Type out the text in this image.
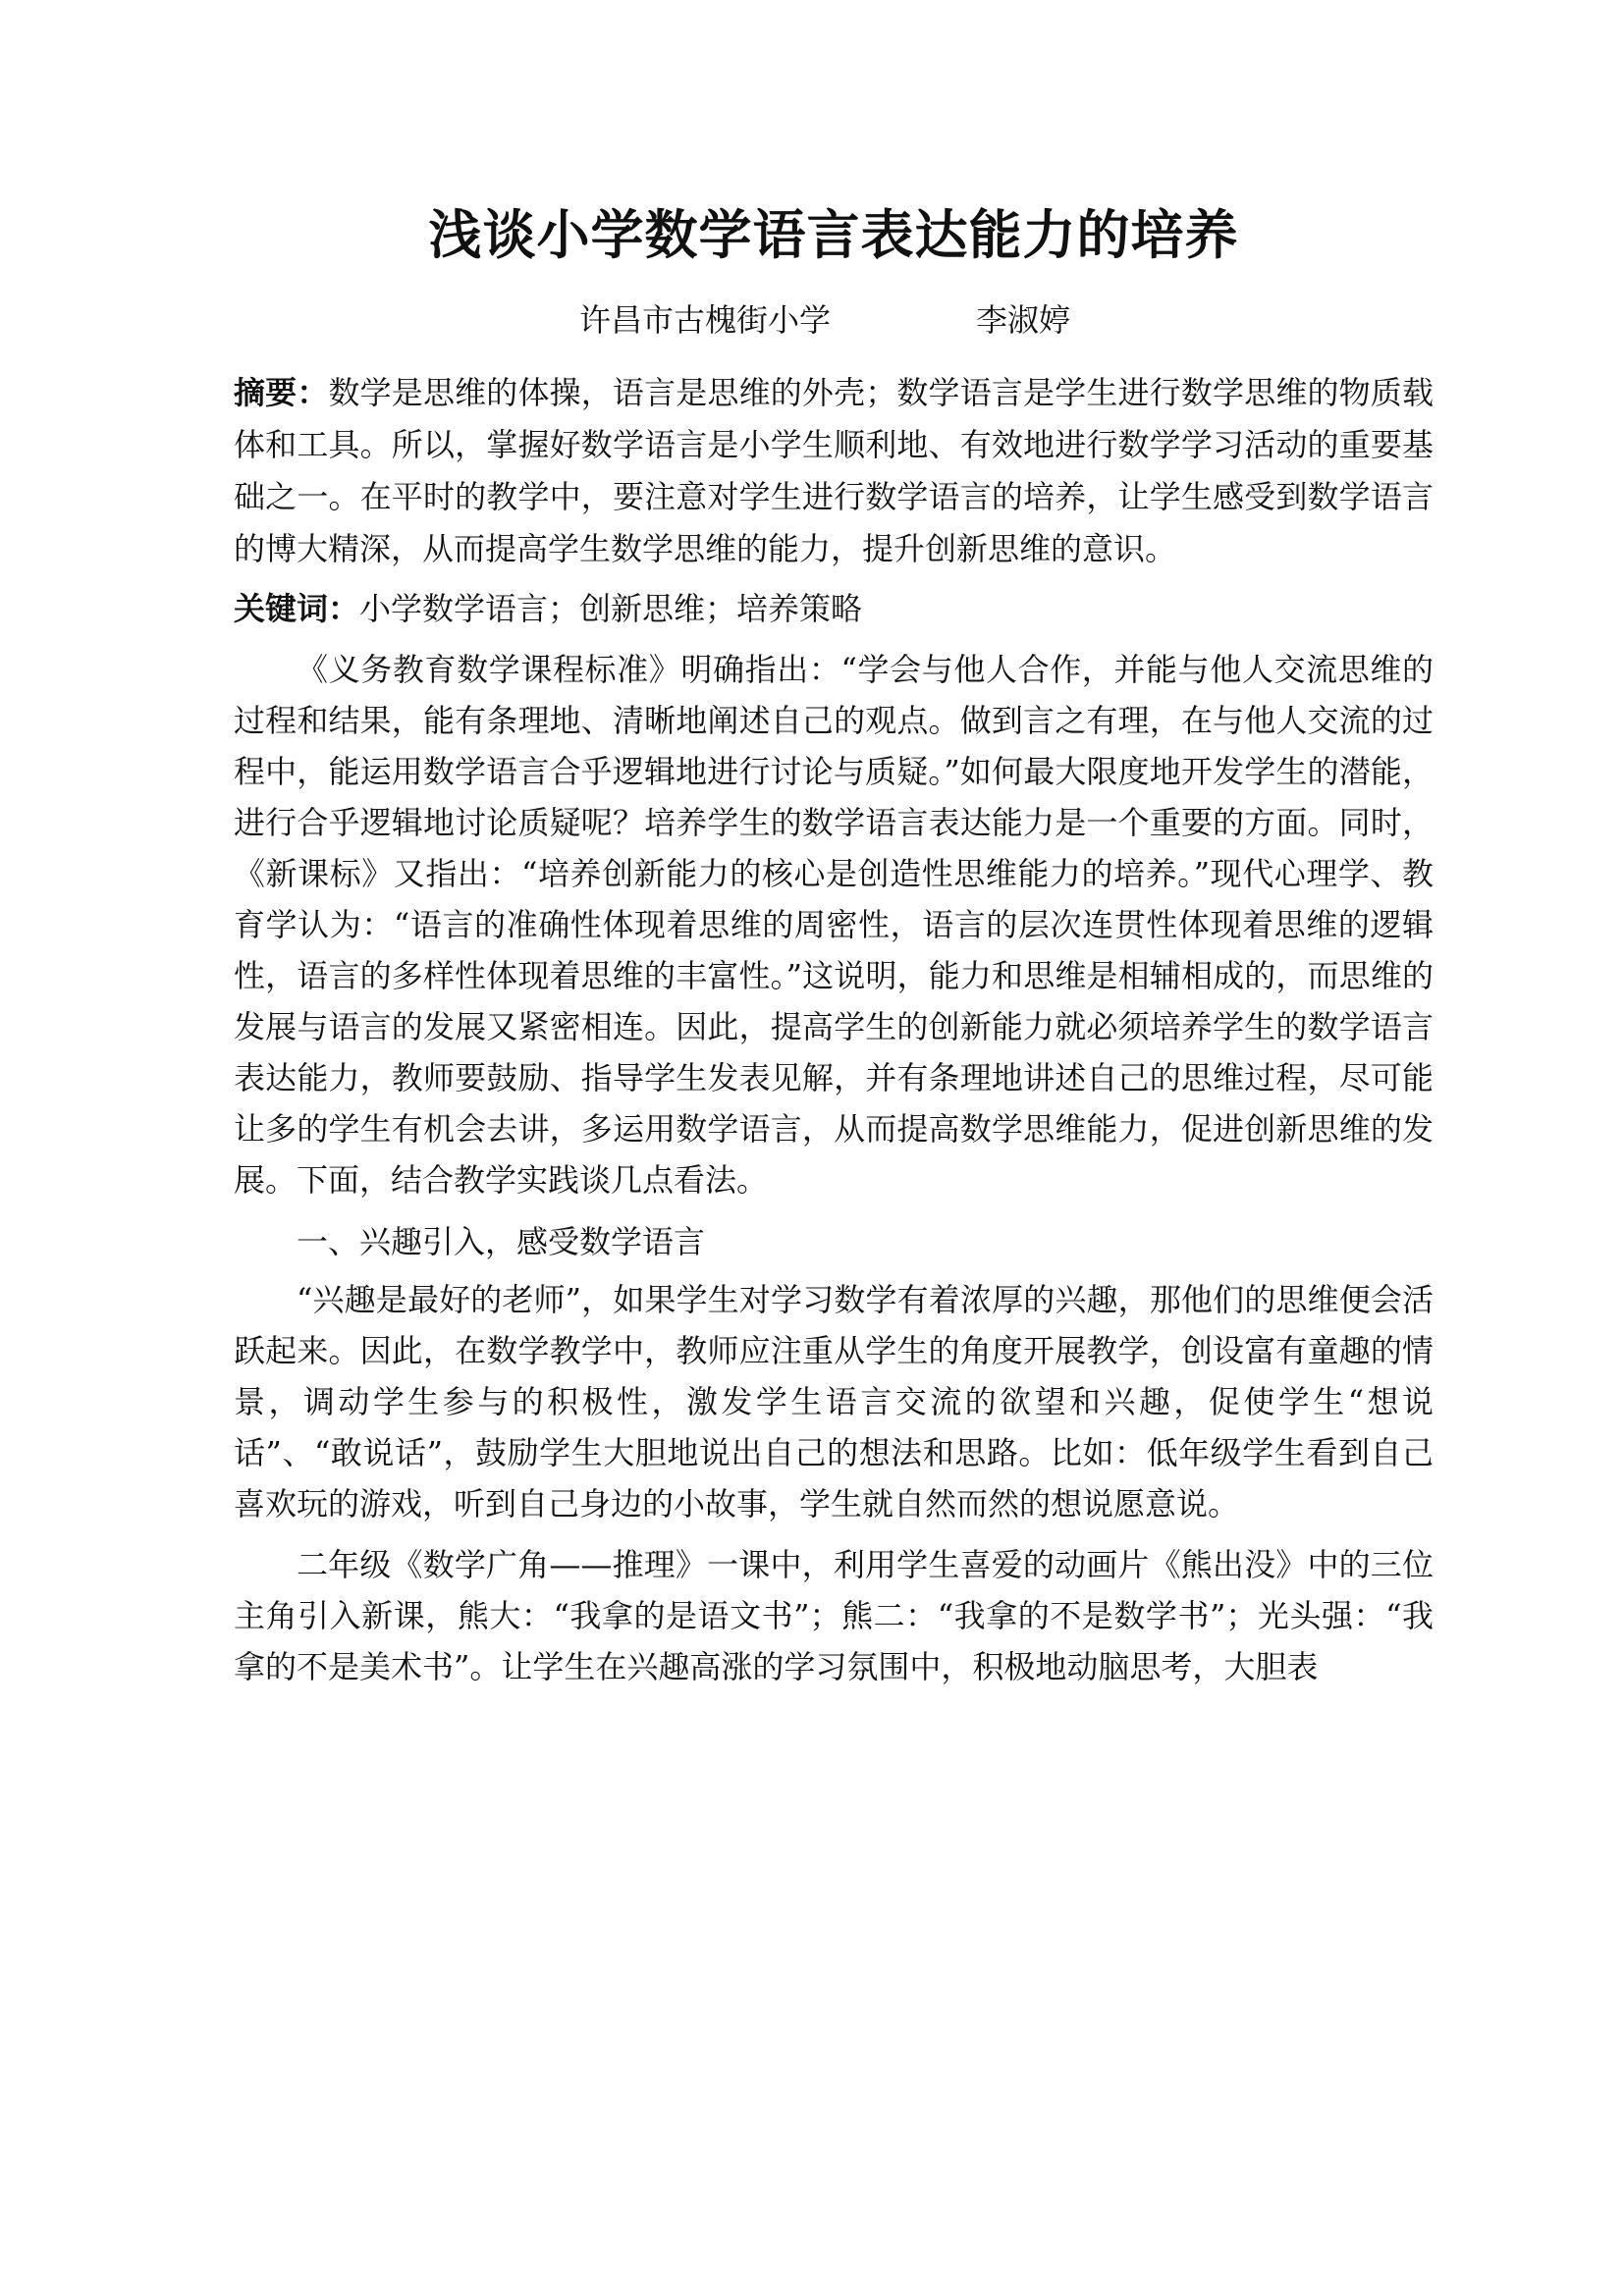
浅谈小学数学语言表达能力的培养
许昌市古槐街小学	李淑婷

摘要：数学是思维的体操，语言是思维的外壳；数学语言是学生进行数学思维的物质载体和工具。所以，掌握好数学语言是小学生顺利地、有效地进行数学学习活动的重要基础之一。在平时的教学中，要注意对学生进行数学语言的培养，让学生感受到数学语言的博大精深，从而提高学生数学思维的能力，提升创新思维的意识。

关键词：小学数学语言；创新思维；培养策略

《义务教育数学课程标准》明确指出：“学会与他人合作，并能与他人交流思维的过程和结果，能有条理地、清晰地阐述自己的观点。做到言之有理，在与他人交流的过程中，能运用数学语言合乎逻辑地进行讨论与质疑。”如何最大限度地开发学生的潜能，进行合乎逻辑地讨论质疑呢？培养学生的数学语言表达能力是一个重要的方面。同时，《新课标》又指出：“培养创新能力的核心是创造性思维能力的培养。”现代心理学、教育学认为：“语言的准确性体现着思维的周密性，语言的层次连贯性体现着思维的逻辑性，语言的多样性体现着思维的丰富性。”这说明，能力和思维是相辅相成的，而思维的发展与语言的发展又紧密相连。因此，提高学生的创新能力就必须培养学生的数学语言表达能力，教师要鼓励、指导学生发表见解，并有条理地讲述自己的思维过程，尽可能让多的学生有机会去讲，多运用数学语言，从而提高数学思维能力，促进创新思维的发展。下面，结合教学实践谈几点看法。

一、兴趣引入，感受数学语言

“兴趣是最好的老师”，如果学生对学习数学有着浓厚的兴趣，那他们的思维便会活跃起来。因此，在数学教学中，教师应注重从学生的角度开展教学，创设富有童趣的情景，调动学生参与的积极性，激发学生语言交流的欲望和兴趣，促使学生“想说话”、“敢说话”，鼓励学生大胆地说出自己的想法和思路。比如：低年级学生看到自己喜欢玩的游戏，听到自己身边的小故事，学生就自然而然的想说愿意说。

二年级《数学广角——推理》一课中，利用学生喜爱的动画片《熊出没》中的三位主角引入新课，熊大：“我拿的是语文书”；熊二：“我拿的不是数学书”；光头强：“我拿的不是美术书”。让学生在兴趣高涨的学习氛围中，积极地动脑思考，大胆表
